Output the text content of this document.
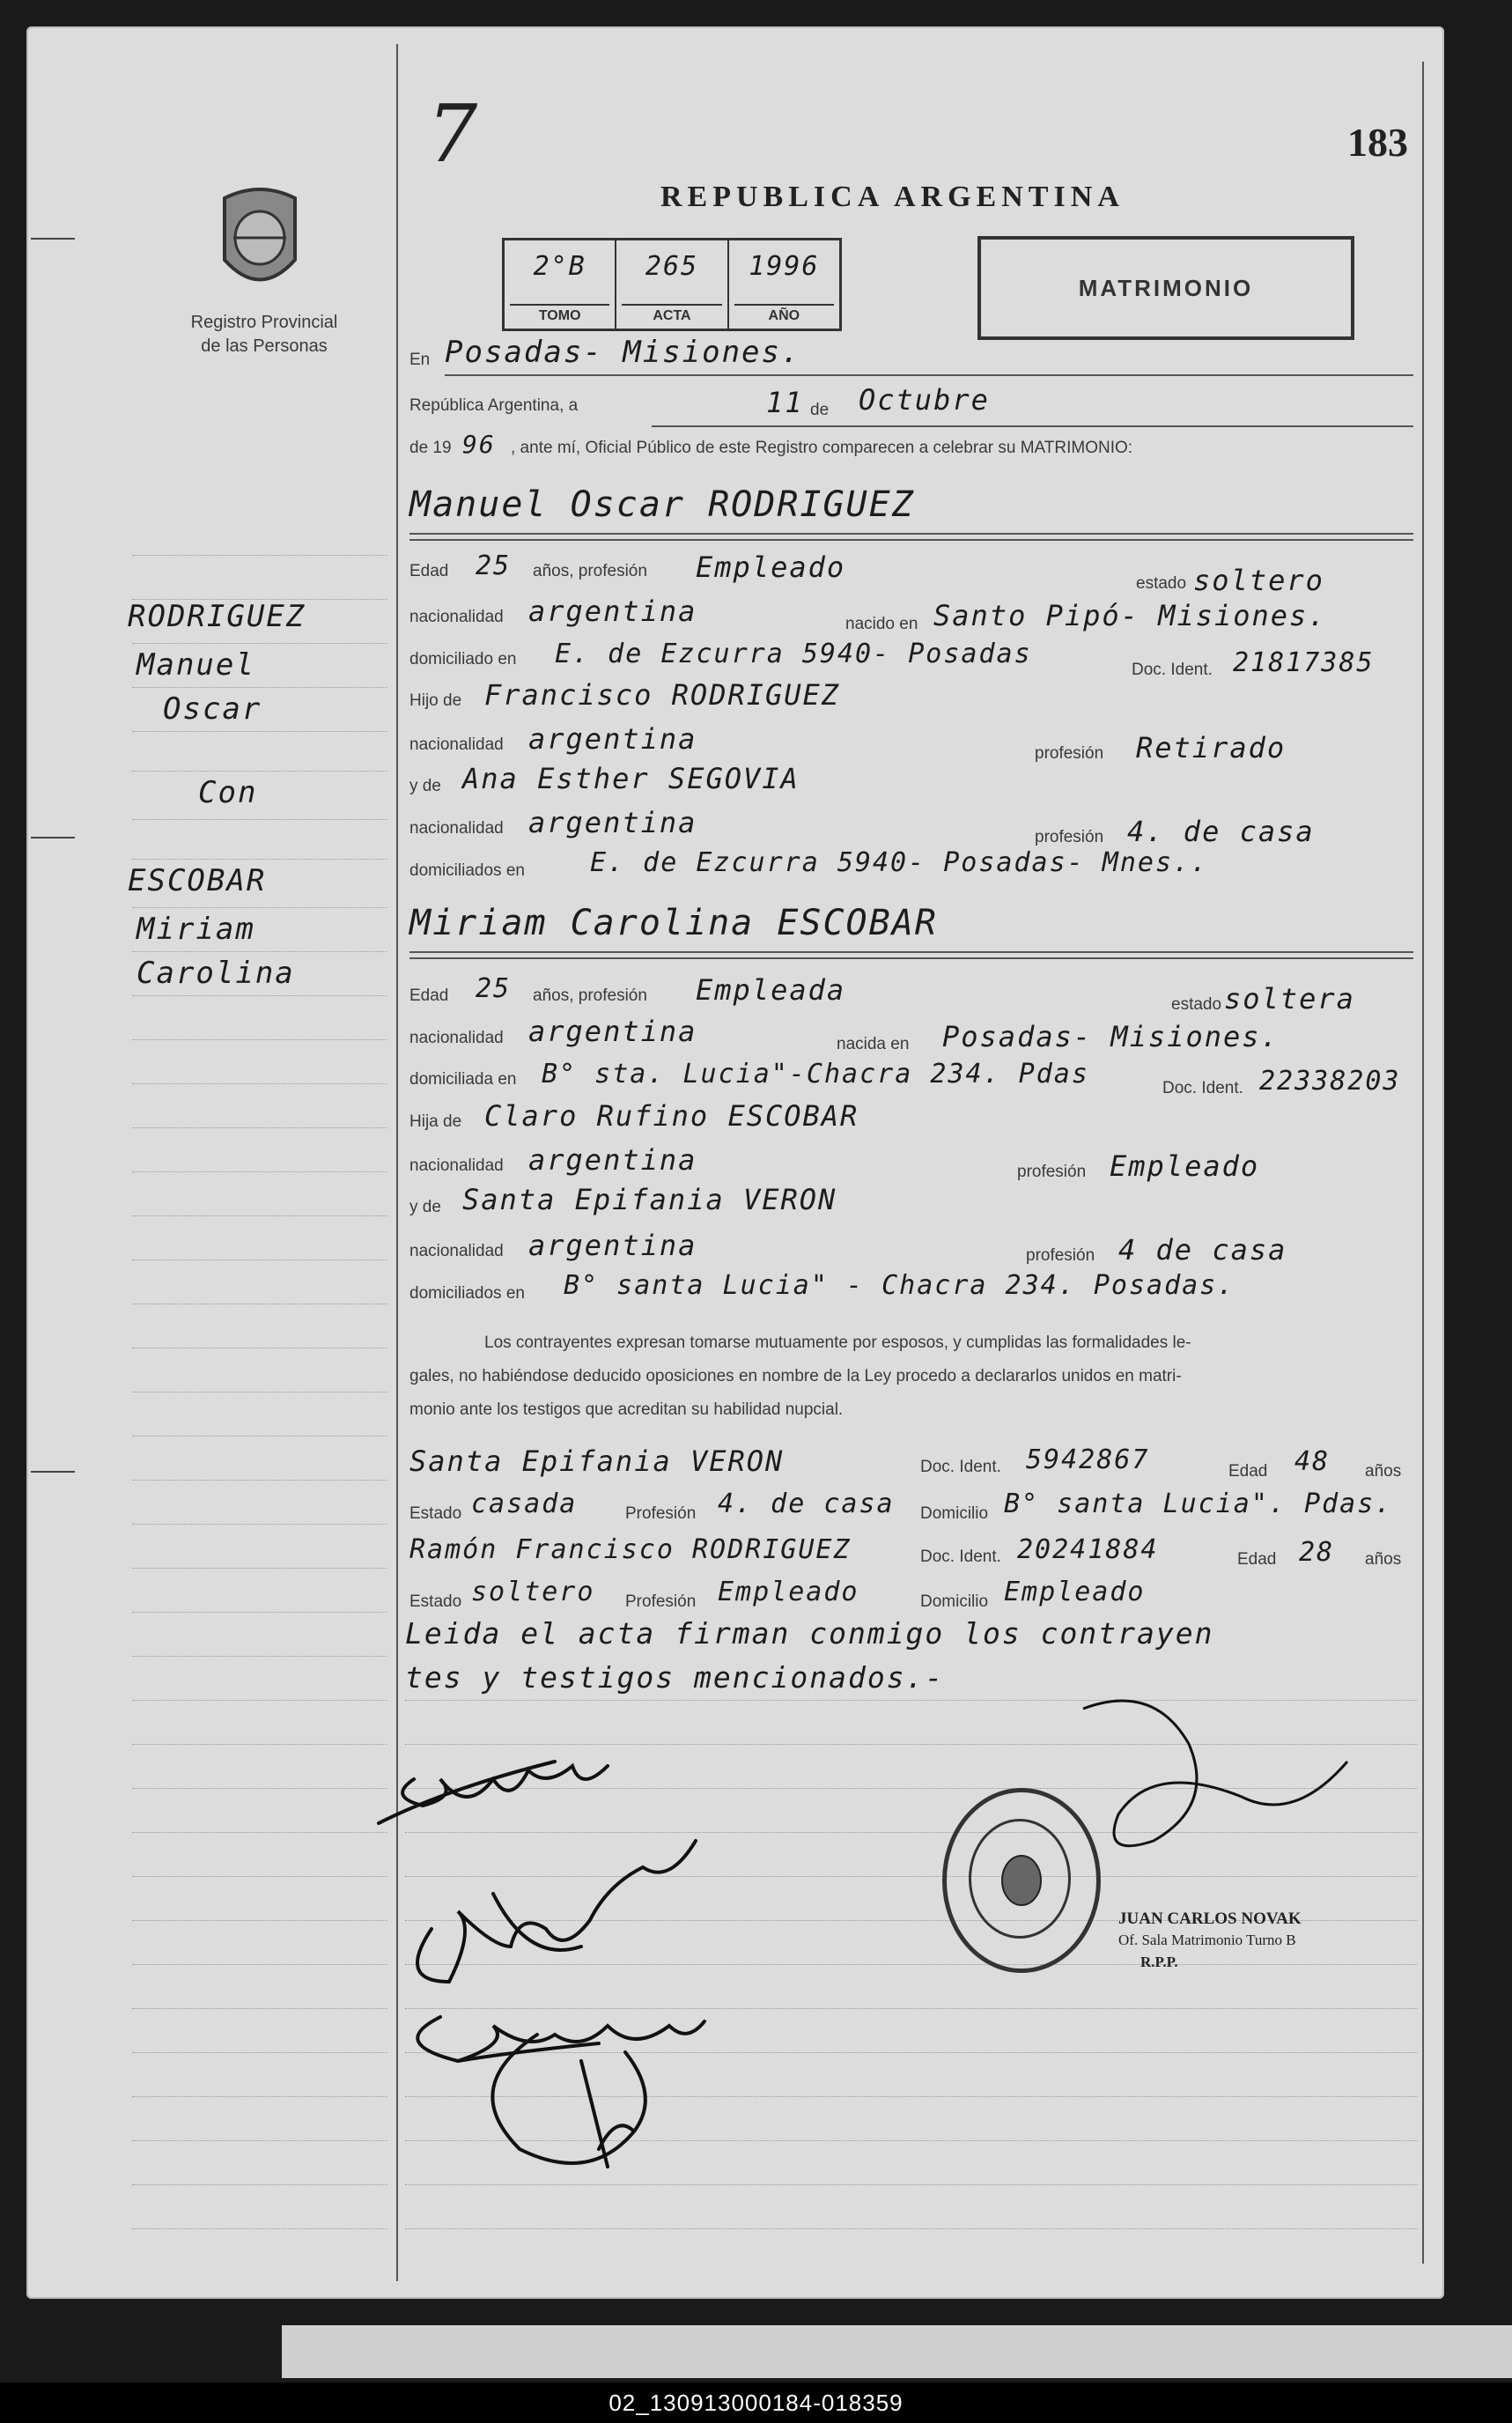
Registro Provincial
de las Personas
RODRIGUEZ
Manuel
Oscar
Con
ESCOBAR
Miriam
Carolina
7	183
REPUBLICA ARGENTINA
2°B
TOMO
265
ACTA
1996
AÑO
MATRIMONIO
En Posadas- Misiones.
República Argentina, a	11 de Octubre
de 19 96 , ante mí, Oficial Público de este Registro comparecen a celebrar su MATRIMONIO:
Manuel Oscar RODRIGUEZ
Edad 25 años, profesión Empleado	estado soltero
nacionalidad argentina	nacido en Santo Pipó- Misiones.
domiciliado en E. de Ezcurra 5940- Posadas
Doc. Ident. 21817385
Hijo de Francisco RODRIGUEZ
nacionalidad argentina	profesión Retirado
y de Ana Esther SEGOVIA
nacionalidad argentina	profesión 4. de casa
domiciliados en E. de Ezcurra 5940- Posadas- Mnes..
Miriam Carolina ESCOBAR
Edad 25 años, profesión Empleada	estado soltera
nacionalidad argentina	nacida en Posadas- Misiones.
domiciliada en B° sta. Lucia"-Chacra 234. Pdas	Doc. Ident. 22338203
Hija de Claro Rufino ESCOBAR
nacionalidad argentina	profesión Empleado
y de Santa Epifania VERON
nacionalidad argentina	profesión 4 de casa
domiciliados en B° santa Lucia" - Chacra 234. Posadas.
Los contrayentes expresan tomarse mutuamente por esposos, y cumplidas las formalidades le-
gales, no habiéndose deducido oposiciones en nombre de la Ley procedo a declararlos unidos en matri-
monio ante los testigos que acreditan su habilidad nupcial.
Santa Epifania VERON	Doc. Ident. 5942867	Edad 48 años
Estado casada	Profesión 4. de casa Domicilio B° santa Lucia". Pdas.
Ramón Francisco RODRIGUEZ	Doc. Ident. 20241884	Edad 28 años
Estado soltero Profesión Empleado	Domicilio Empleado
Leida el acta firman conmigo los contrayen
tes y testigos mencionados.-
JUAN CARLOS NOVAK
Of. Sala Matrimonio Turno B
R.P.P.
02_130913000184-018359
